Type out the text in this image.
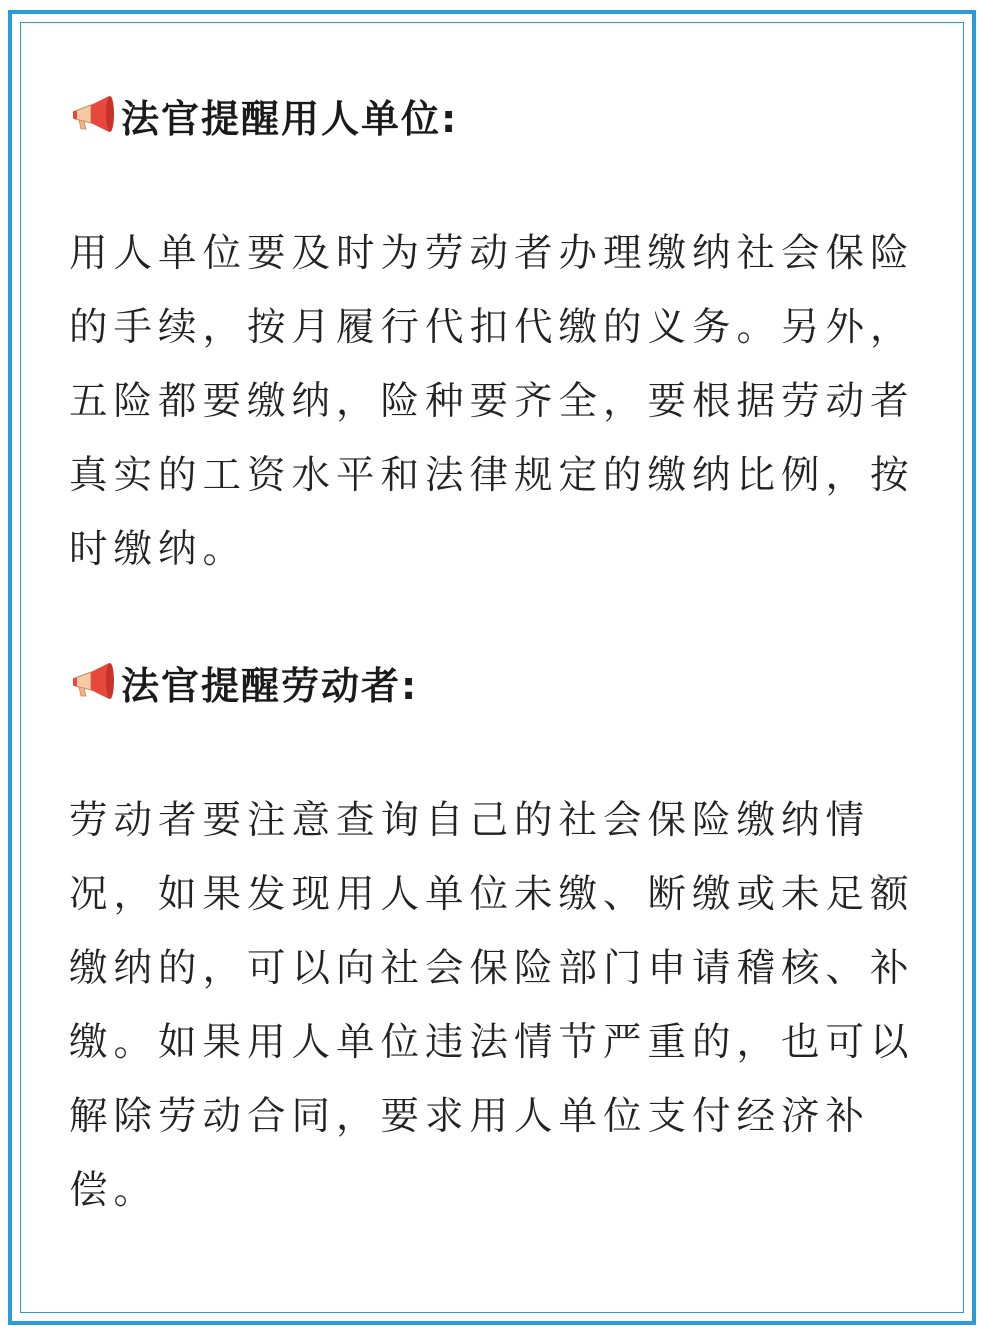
法官提醒用人单位:

用人单位要及时为劳动者办理缴纳社会保险的手续，按月履行代扣代缴的义务。另外，五险都要缴纳，险种要齐全，要根据劳动者真实的工资水平和法律规定的缴纳比例，按时缴纳。

法官提醒劳动者:

劳动者要注意查询自己的社会保险缴纳情况，如果发现用人单位未缴、断缴或未足额缴纳的，可以向社会保险部门申请稽核、补缴。如果用人单位违法情节严重的，也可以解除劳动合同，要求用人单位支付经济补偿。
